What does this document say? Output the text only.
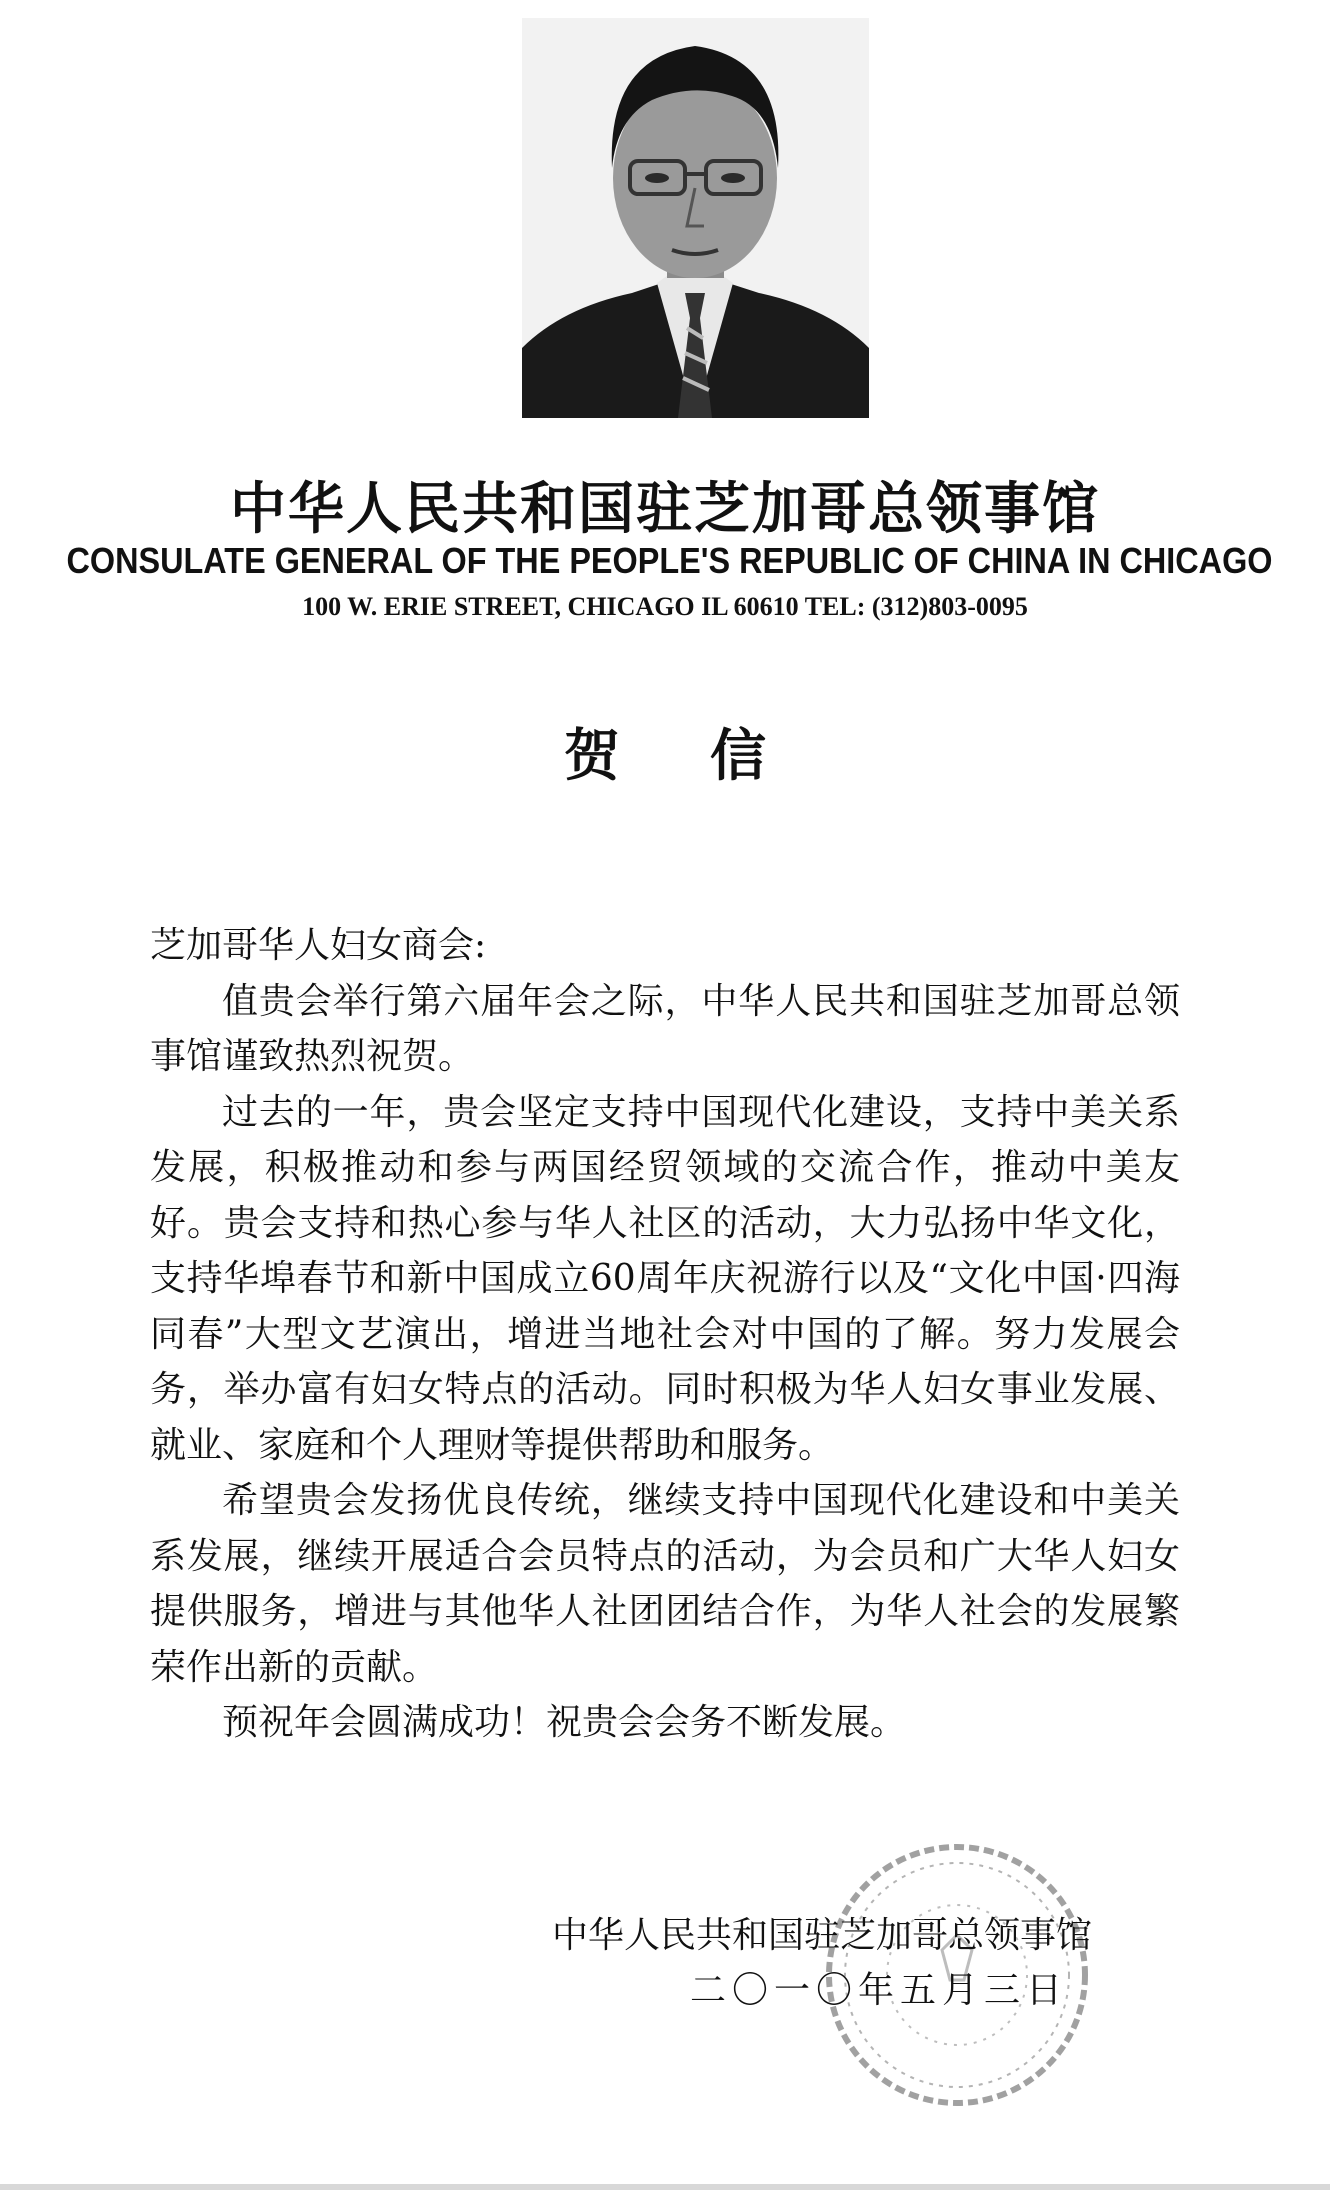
中华人民共和国驻芝加哥总领事馆
CONSULATE GENERAL OF THE PEOPLE'S REPUBLIC OF CHINA IN CHICAGO
100 W. ERIE STREET, CHICAGO IL 60610 TEL: (312)803-0095
贺信
芝加哥华人妇女商会:

值贵会举行第六届年会之际，中华人民共和国驻芝加哥总领事馆谨致热烈祝贺。

过去的一年，贵会坚定支持中国现代化建设，支持中美关系发展，积极推动和参与两国经贸领域的交流合作，推动中美友好。贵会支持和热心参与华人社区的活动，大力弘扬中华文化，支持华埠春节和新中国成立60周年庆祝游行以及“文化中国·四海同春”大型文艺演出，增进当地社会对中国的了解。努力发展会务，举办富有妇女特点的活动。同时积极为华人妇女事业发展、就业、家庭和个人理财等提供帮助和服务。

希望贵会发扬优良传统，继续支持中国现代化建设和中美关系发展，继续开展适合会员特点的活动，为会员和广大华人妇女提供服务，增进与其他华人社团团结合作，为华人社会的发展繁荣作出新的贡献。

预祝年会圆满成功！祝贵会会务不断发展。

中华人民共和国驻芝加哥总领事馆
二〇一〇年五月三日
